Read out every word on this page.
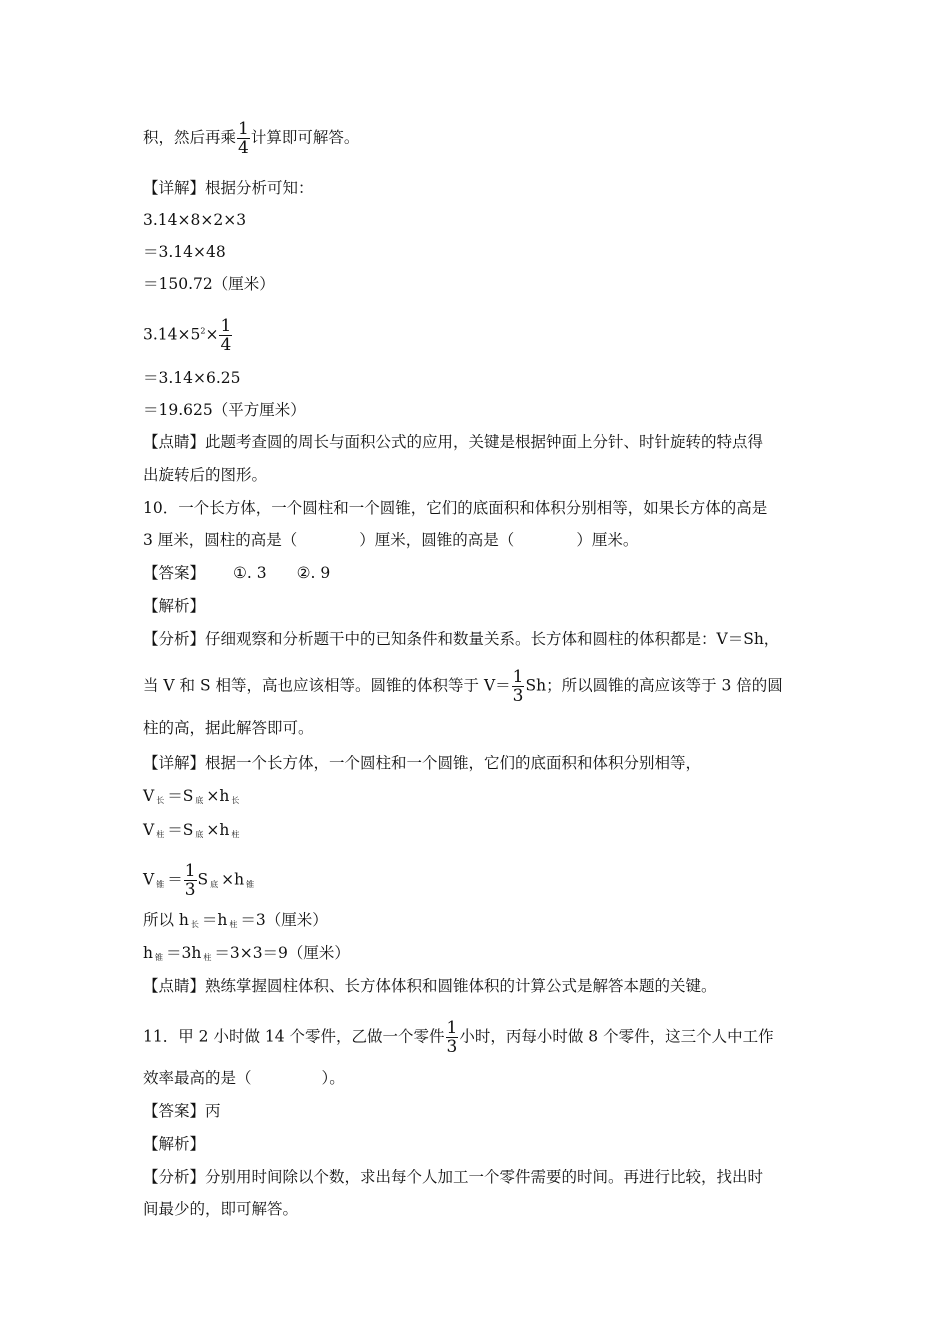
积，然后再乘 $\frac{1}{4}$ 计算即可解答。
【详解】根据分析可知：
3.14×8×2×3
＝3.14×48
＝150.72（厘米）
$3.14\times 5^2\times \frac{1}{4}$
＝3.14×6.25
＝19.625（平方厘米）
【点睛】此题考查圆的周长与面积公式的应用，关键是根据钟面上分针、时针旋转的特点得
出旋转后的图形。
10．一个长方体，一个圆柱和一个圆锥，它们的底面积和体积分别相等，如果长方体的高是
3 厘米，圆柱的高是（	）厘米，圆锥的高是（	）厘米。
【答案】 ①. 3 ②. 9
【解析】
【分析】仔细观察和分析题干中的已知条件和数量关系。长方体和圆柱的体积都是：V＝Sh，
当 V 和 S 相等，高也应该相等。圆锥的体积等于 $V= \frac{1}{3}$ Sh；所以圆锥的高应该等于 3 倍的圆
柱的高，据此解答即可。
【详解】根据一个长方体，一个圆柱和一个圆锥，它们的底面积和体积分别相等，
V $_长$ ＝S $_底$ ×h $_长$
V $_柱$ ＝S $_底$ ×h $_柱$
V $_锥 = \frac{1}{3}$ S $_底$ ×h $_锥$
所以 h $_长$ ＝h $_柱$ ＝3（厘米）
h $_锥$ ＝3h $_柱$ ＝3×3＝9（厘米）
【点睛】熟练掌握圆柱体积、长方体体积和圆锥体积的计算公式是解答本题的关键。
11．甲 2 小时做 14 个零件，乙做一个零件 $\frac{1}{3}$ 小时，丙每小时做 8 个零件，这三个人中工作
效率最高的是（	）。
【答案】丙
【解析】
【分析】分别用时间除以个数，求出每个人加工一个零件需要的时间。再进行比较，找出时
间最少的，即可解答。
